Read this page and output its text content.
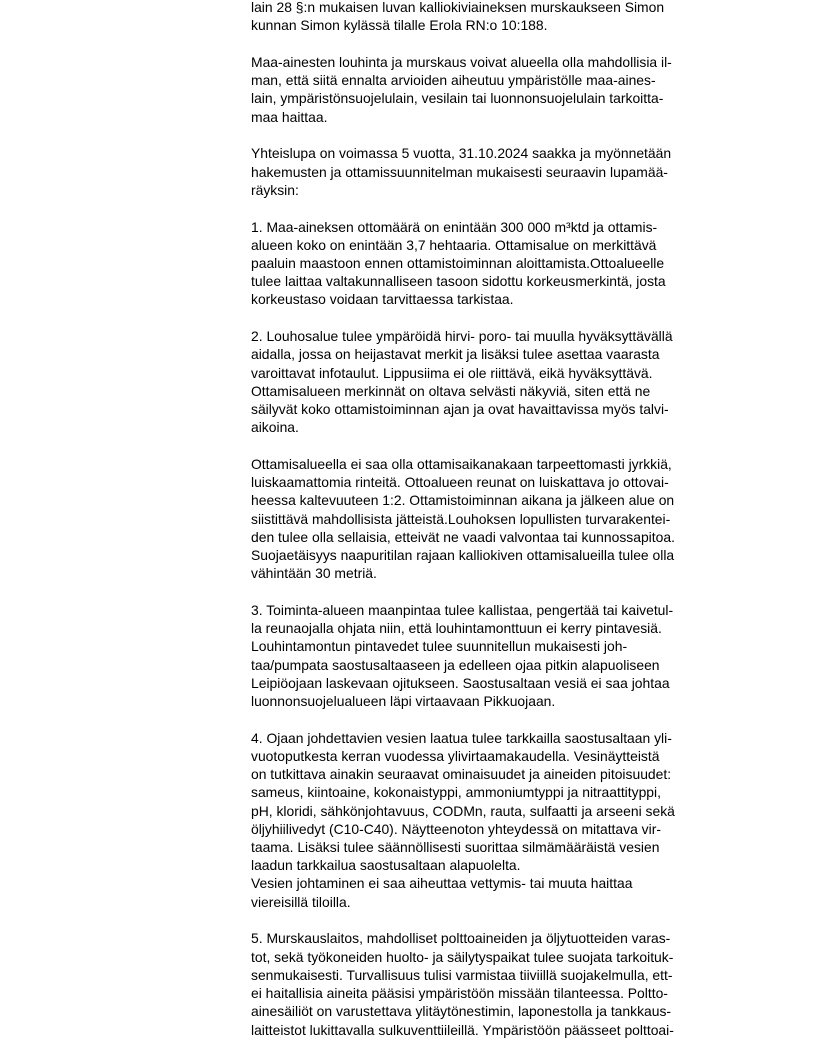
lain 28 §:n mukaisen luvan kalliokiviaineksen murskaukseen Simon
kunnan Simon kylässä tilalle Erola RN:o 10:188.

Maa-ainesten louhinta ja murskaus voivat alueella olla mahdollisia il-
man, että siitä ennalta arvioiden aiheutuu ympäristölle maa-aines-
lain, ympäristönsuojelulain, vesilain tai luonnonsuojelulain tarkoitta-
maa haittaa.

Yhteislupa on voimassa 5 vuotta, 31.10.2024 saakka ja myönnetään
hakemusten ja ottamissuunnitelman mukaisesti seuraavin lupamää-
räyksin:

1. Maa-aineksen ottomäärä on enintään 300 000 m³ktd ja ottamis-
alueen koko on enintään 3,7 hehtaaria. Ottamisalue on merkittävä
paaluin maastoon ennen ottamistoiminnan aloittamista.Ottoalueelle
tulee laittaa valtakunnalliseen tasoon sidottu korkeusmerkintä, josta
korkeustaso voidaan tarvittaessa tarkistaa.

2. Louhosalue tulee ympäröidä hirvi- poro- tai muulla hyväksyttävällä
aidalla, jossa on heijastavat merkit ja lisäksi tulee asettaa vaarasta
varoittavat infotaulut. Lippusiima ei ole riittävä, eikä hyväksyttävä.
Ottamisalueen merkinnät on oltava selvästi näkyviä, siten että ne
säilyvät koko ottamistoiminnan ajan ja ovat havaittavissa myös talvi-
aikoina.

Ottamisalueella ei saa olla ottamisaikanakaan tarpeettomasti jyrkkiä,
luiskaamattomia rinteitä. Ottoalueen reunat on luiskattava jo ottovai-
heessa kaltevuuteen 1:2. Ottamistoiminnan aikana ja jälkeen alue on
siistittävä mahdollisista jätteistä.Louhoksen lopullisten turvarakentei-
den tulee olla sellaisia, etteivät ne vaadi valvontaa tai kunnossapitoa.
Suojaetäisyys naapuritilan rajaan kalliokiven ottamisalueilla tulee olla
vähintään 30 metriä.

3. Toiminta-alueen maanpintaa tulee kallistaa, pengertää tai kaivetul-
la reunaojalla ohjata niin, että louhintamonttuun ei kerry pintavesiä.
Louhintamontun pintavedet tulee suunnitellun mukaisesti joh-
taa/pumpata saostusaltaaseen ja edelleen ojaa pitkin alapuoliseen
Leipiöojaan laskevaan ojitukseen. Saostusaltaan vesiä ei saa johtaa
luonnonsuojelualueen läpi virtaavaan Pikkuojaan.

4. Ojaan johdettavien vesien laatua tulee tarkkailla saostusaltaan yli-
vuotoputkesta kerran vuodessa ylivirtaamakaudella. Vesinäytteistä
on tutkittava ainakin seuraavat ominaisuudet ja aineiden pitoisuudet:
sameus, kiintoaine, kokonaistyppi, ammoniumtyppi ja nitraattityppi,
pH, kloridi, sähkönjohtavuus, CODMn, rauta, sulfaatti ja arseeni sekä
öljyhiilivedyt (C10-C40). Näytteenoton yhteydessä on mitattava vir-
taama. Lisäksi tulee säännöllisesti suorittaa silmämääräistä vesien
laadun tarkkailua saostusaltaan alapuolelta.
Vesien johtaminen ei saa aiheuttaa vettymis- tai muuta haittaa
viereisillä tiloilla.

5. Murskauslaitos, mahdolliset polttoaineiden ja öljytuotteiden varas-
tot, sekä työkoneiden huolto- ja säilytyspaikat tulee suojata tarkoituk-
senmukaisesti. Turvallisuus tulisi varmistaa tiiviillä suojakelmulla, ett-
ei haitallisia aineita pääsisi ympäristöön missään tilanteessa. Poltto-
ainesäiliöt on varustettava ylitäytönestimin, laponestolla ja tankkaus-
laitteistot lukittavalla sulkuventtiileillä. Ympäristöön päässeet polttoai-
